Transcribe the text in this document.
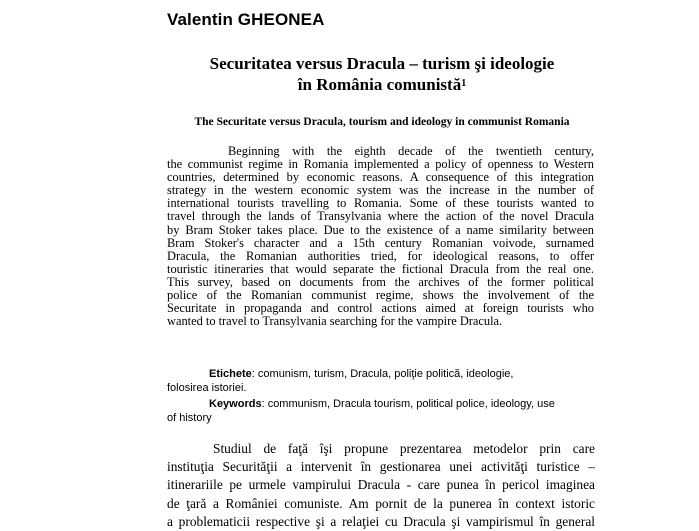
Valentin GHEONEA
Securitatea versus Dracula – turism şi ideologie
în România comunistă$^1$
The Securitate versus Dracula, tourism and ideology in communist Romania
Beginning with the eighth decade of the twentieth century,
the communist regime in Romania implemented a policy of openness to Western
countries, determined by economic reasons. A consequence of this integration
strategy in the western economic system was the increase in the number of
international tourists travelling to Romania. Some of these tourists wanted to
travel through the lands of Transylvania where the action of the novel Dracula
by Bram Stoker takes place. Due to the existence of a name similarity between
Bram Stoker's character and a 15th century Romanian voivode, surnamed
Dracula, the Romanian authorities tried, for ideological reasons, to offer
touristic itineraries that would separate the fictional Dracula from the real one.
This survey, based on documents from the archives of the former political
police of the Romanian communist regime, shows the involvement of the
Securitate in propaganda and control actions aimed at foreign tourists who
wanted to travel to Transylvania searching for the vampire Dracula.
Etichete: comunism, turism, Dracula, poliţie politică, ideologie,
folosirea istoriei.
Keywords: communism, Dracula tourism, political police, ideology, use
of history
Studiul de faţă îşi propune prezentarea metodelor prin care
instituţia Securităţii a intervenit în gestionarea unei activităţi turistice –
itinerariile pe urmele vampirului Dracula - care punea în pericol imaginea
de ţară a României comuniste. Am pornit de la punerea în context istoric
a problematicii respective şi a relaţiei cu Dracula şi vampirismul în general
